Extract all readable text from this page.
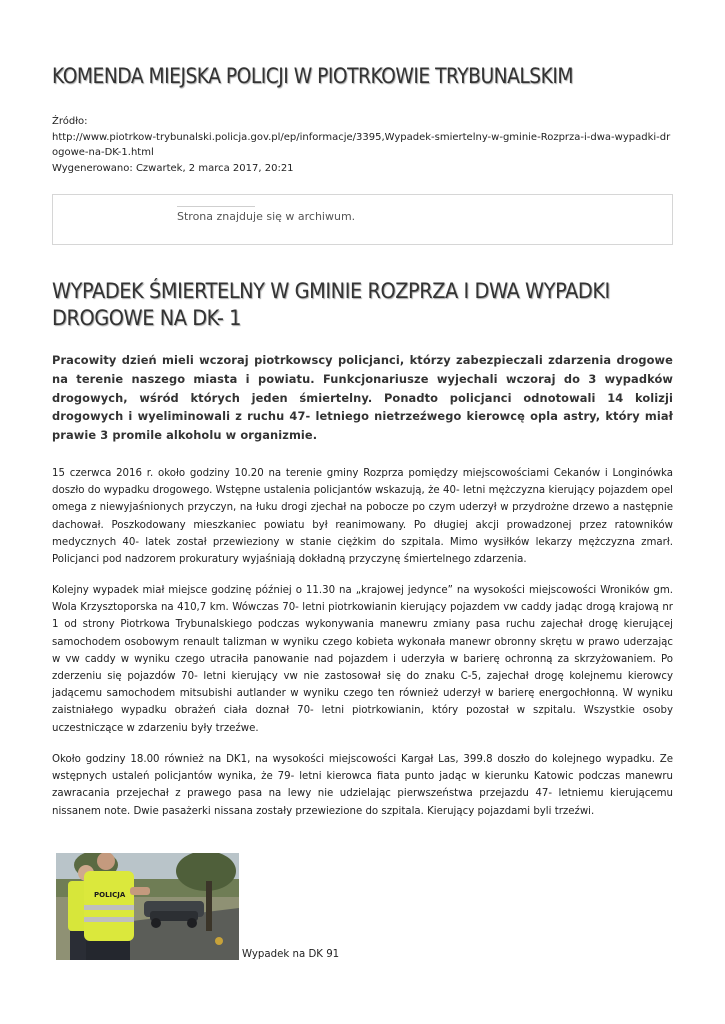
KOMENDA MIEJSKA POLICJI W PIOTRKOWIE TRYBUNALSKIM
Źródło:
http://www.piotrkow-trybunalski.policja.gov.pl/ep/informacje/3395,Wypadek-smiertelny-w-gminie-Rozprza-i-dwa-wypadki-drogowe-na-DK-1.html
Wygenerowano: Czwartek, 2 marca 2017, 20:21
Strona znajduje się w archiwum.
WYPADEK ŚMIERTELNY W GMINIE ROZPRZA I DWA WYPADKI DROGOWE NA DK- 1

Pracowity dzień mieli wczoraj piotrkowscy policjanci, którzy zabezpieczali zdarzenia drogowe na terenie naszego miasta i powiatu. Funkcjonariusze wyjechali wczoraj do 3 wypadków drogowych, wśród których jeden śmiertelny. Ponadto policjanci odnotowali 14 kolizji drogowych i wyeliminowali z ruchu 47- letniego nietrzeźwego kierowcę opla astry, który miał prawie 3 promile alkoholu w organizmie.

15 czerwca 2016 r. około godziny 10.20 na terenie gminy Rozprza pomiędzy miejscowościami Cekanów i Longinówka doszło do wypadku drogowego. Wstępne ustalenia policjantów wskazują, że 40- letni mężczyzna kierujący pojazdem opel omega z niewyjaśnionych przyczyn, na łuku drogi zjechał na pobocze po czym uderzył w przydrożne drzewo a następnie dachował. Poszkodowany mieszkaniec powiatu był reanimowany. Po długiej akcji prowadzonej przez ratowników medycznych 40- latek został przewieziony w stanie ciężkim do szpitala. Mimo wysiłków lekarzy mężczyzna zmarł. Policjanci pod nadzorem prokuratury wyjaśniają dokładną przyczynę śmiertelnego zdarzenia.

Kolejny wypadek miał miejsce godzinę później o 11.30 na „krajowej jedynce” na wysokości miejscowości Wroników gm. Wola Krzysztoporska na 410,7 km. Wówczas 70- letni piotrkowianin kierujący pojazdem vw caddy jadąc drogą krajową nr 1 od strony Piotrkowa Trybunalskiego podczas wykonywania manewru zmiany pasa ruchu zajechał drogę kierującej samochodem osobowym renault talizman w wyniku czego kobieta wykonała manewr obronny skrętu w prawo uderzając w vw caddy w wyniku czego utraciła panowanie nad pojazdem i uderzyła w barierę ochronną za skrzyżowaniem. Po zderzeniu się pojazdów 70- letni kierujący vw nie zastosował się do znaku C-5, zajechał drogę kolejnemu kierowcy jadącemu samochodem mitsubishi autlander w wyniku czego ten również uderzył w barierę energochłonną. W wyniku zaistniałego wypadku obrażeń ciała doznał 70- letni piotrkowianin, który pozostał w szpitalu. Wszystkie osoby uczestniczące w zdarzeniu były trzeźwe.

Około godziny 18.00 również na DK1, na wysokości miejscowości Kargał Las, 399.8 doszło do kolejnego wypadku. Ze wstępnych ustaleń policjantów wynika, że 79- letni kierowca fiata punto jadąc w kierunku Katowic podczas manewru zawracania przejechał z prawego pasa na lewy nie udzielając pierwszeństwa przejazdu 47- letniemu kierującemu nissanem note. Dwie pasażerki nissana zostały przewiezione do szpitala. Kierujący pojazdami byli trzeźwi.

POLICJA
Wypadek na DK 91
